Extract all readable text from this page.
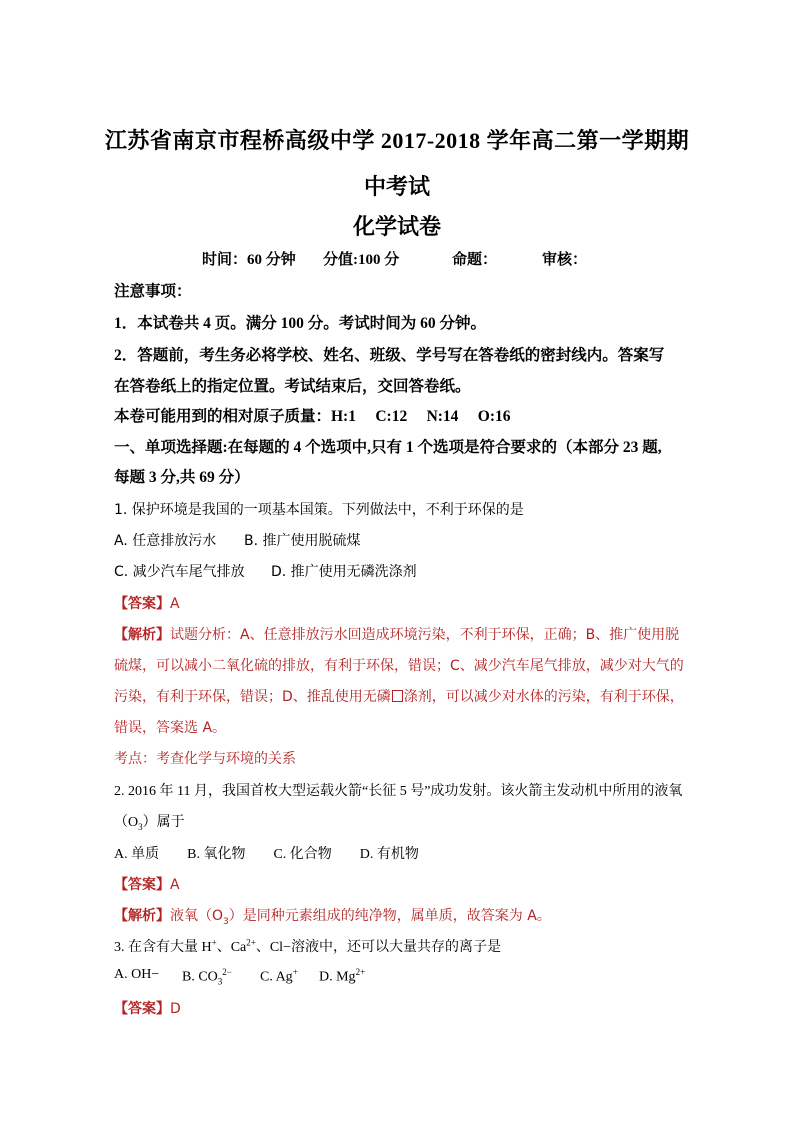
江苏省南京市程桥高级中学 2017-2018 学年高二第一学期期
中考试
化学试卷
时间：60 分钟 分值:100 分	命题：	审核：
注意事项：
1．本试卷共 4 页。满分 100 分。考试时间为 60 分钟。
2．答题前，考生务必将学校、姓名、班级、学号写在答卷纸的密封线内。答案写
在答卷纸上的指定位置。考试结束后，交回答卷纸。
本卷可能用到的相对原子质量：H:1　 C:12　 N:14　 O:16
一、单项选择题:在每题的 4 个选项中,只有 1 个选项是符合要求的（本部分 23 题,
每题 3 分,共 69 分）
1. 保护环境是我国的一项基本国策。下列做法中，不利于环保的是
A. 任意排放污水 B. 推广使用脱硫煤
C. 减少汽车尾气排放 D. 推广使用无磷洗涤剂
【答案】A
【解析】试题分析：A、任意排放污水回造成环境污染，不利于环保，正确；B、推广使用脱
硫煤，可以减小二氧化硫的排放，有利于环保，错误；C、减少汽车尾气排放，减少对大气的
污染，有利于环保，错误；D、推乱使用无磷 涤剂，可以减少对水体的污染，有利于环保，
错误，答案选 A。
考点：考查化学与环境的关系
2. 2016 年 11 月，我国首枚大型运载火箭“长征 5 号”成功发射。该火箭主发动机中所用的液氧
$(O_3)$属于
A. 单质　　B. 氧化物　　C. 化合物　　D. 有机物
【答案】A
【解析】液氧$(O_3)$是同种元素组成的纯净物，属单质，故答案为 A。
3. 在含有大量 H+、$Ca^{2+}$、Cl−溶液中，还可以大量共存的离子是
A. OH− B. $CO_3^{2-}$ C. Ag+ D. $Mg^{2+}$
【答案】D
